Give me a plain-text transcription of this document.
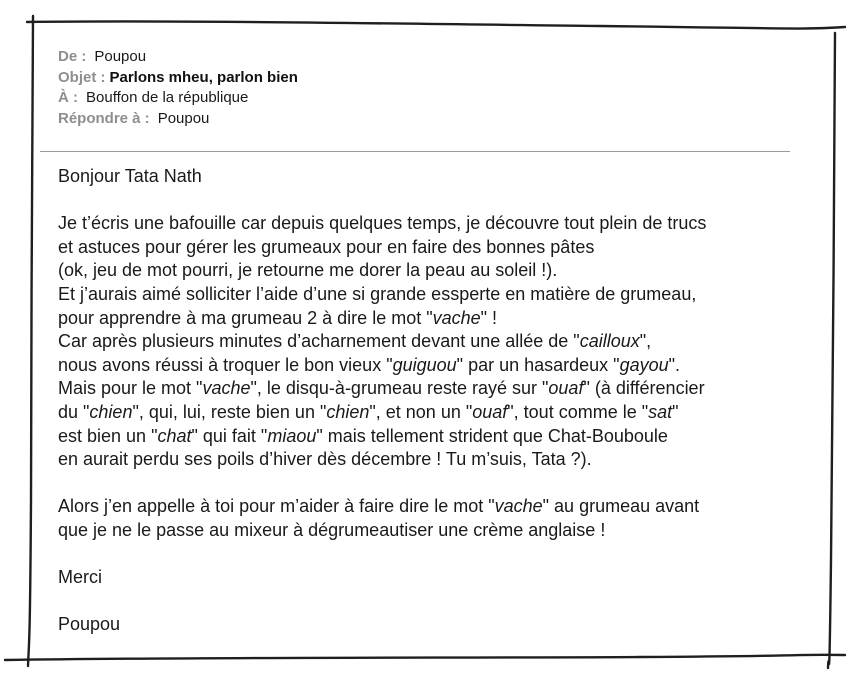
De : Poupou
Objet : Parlons mheu, parlon bien
À : Bouffon de la république
Répondre à : Poupou
Bonjour Tata Nath
Je t’écris une bafouille car depuis quelques temps, je découvre tout plein de trucs
et astuces pour gérer les grumeaux pour en faire des bonnes pâtes
(ok, jeu de mot pourri, je retourne me dorer la peau au soleil !).
Et j’aurais aimé solliciter l’aide d’une si grande essperte en matière de grumeau,
pour apprendre à ma grumeau 2 à dire le mot "vache" !
Car après plusieurs minutes d’acharnement devant une allée de "cailloux",
nous avons réussi à troquer le bon vieux "guiguou" par un hasardeux "gayou".
Mais pour le mot "vache", le disqu-à-grumeau reste rayé sur "ouaf" (à différencier
du "chien", qui, lui, reste bien un "chien", et non un "ouaf", tout comme le "sat"
est bien un "chat" qui fait "miaou" mais tellement strident que Chat-Bouboule
en aurait perdu ses poils d’hiver dès décembre ! Tu m’suis, Tata ?).
Alors j’en appelle à toi pour m’aider à faire dire le mot "vache" au grumeau avant
que je ne le passe au mixeur à dégrumeautiser une crème anglaise !
Merci
Poupou
